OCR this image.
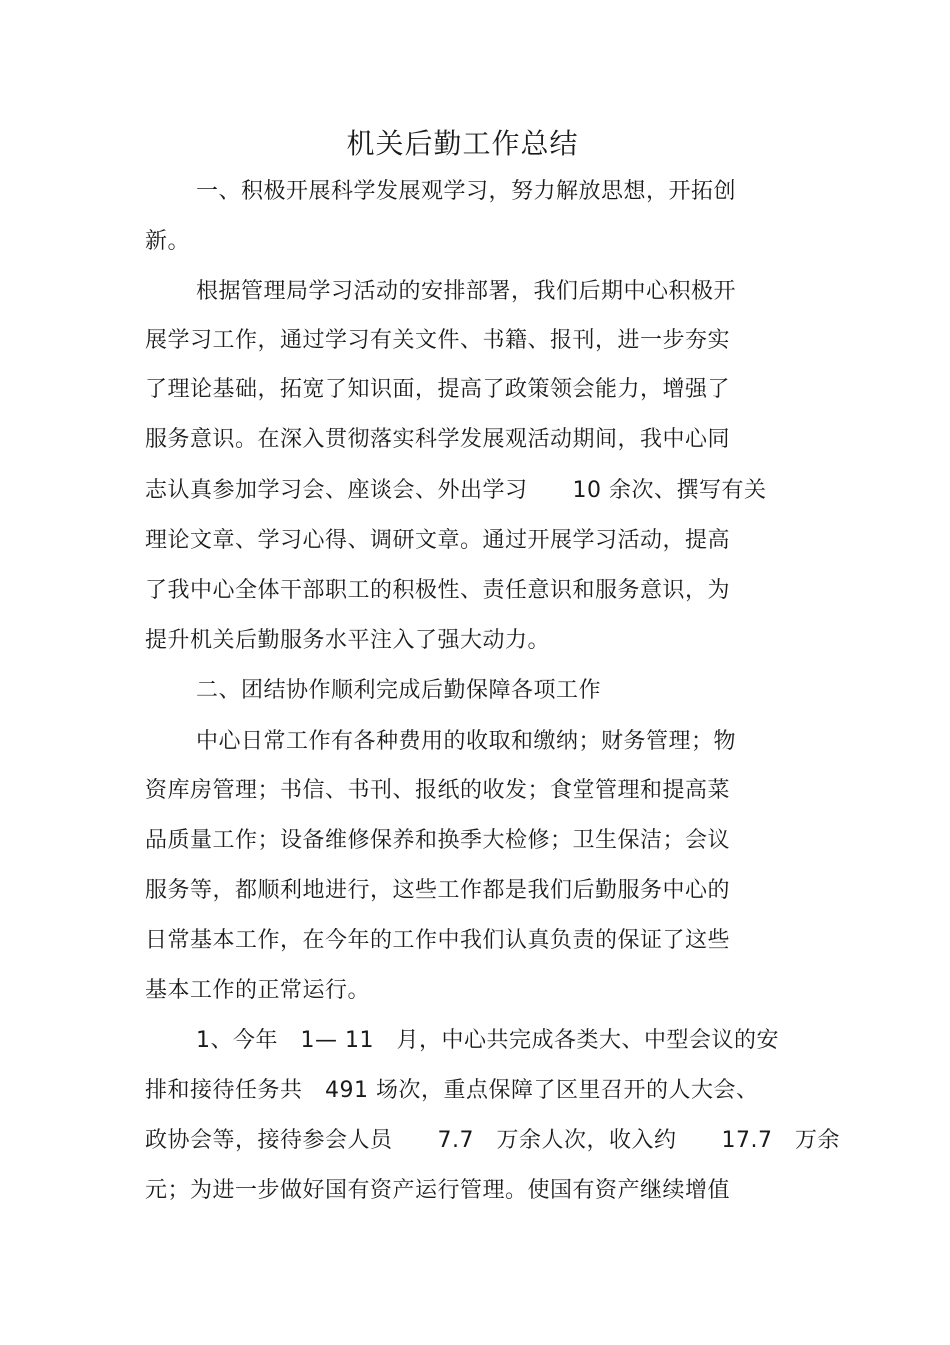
机关后勤工作总结
一、积极开展科学发展观学习，努力解放思想，开拓创
新。
根据管理局学习活动的安排部署，我们后期中心积极开
展学习工作，通过学习有关文件、书籍、报刊，进一步夯实
了理论基础，拓宽了知识面，提高了政策领会能力，增强了
服务意识。在深入贯彻落实科学发展观活动期间，我中心同
志认真参加学习会、座谈会、外出学习　　10 余次、撰写有关
理论文章、学习心得、调研文章。通过开展学习活动，提高
了我中心全体干部职工的积极性、责任意识和服务意识，为
提升机关后勤服务水平注入了强大动力。
二、团结协作顺利完成后勤保障各项工作
中心日常工作有各种费用的收取和缴纳；财务管理；物
资库房管理；书信、书刊、报纸的收发；食堂管理和提高菜
品质量工作；设备维修保养和换季大检修；卫生保洁；会议
服务等，都顺利地进行，这些工作都是我们后勤服务中心的
日常基本工作，在今年的工作中我们认真负责的保证了这些
基本工作的正常运行。
1、今年　1— 11　月，中心共完成各类大、中型会议的安
排和接待任务共　491 场次，重点保障了区里召开的人大会、
政协会等，接待参会人员　　7.7　万余人次，收入约　　17.7　万余
元；为进一步做好国有资产运行管理。使国有资产继续增值
